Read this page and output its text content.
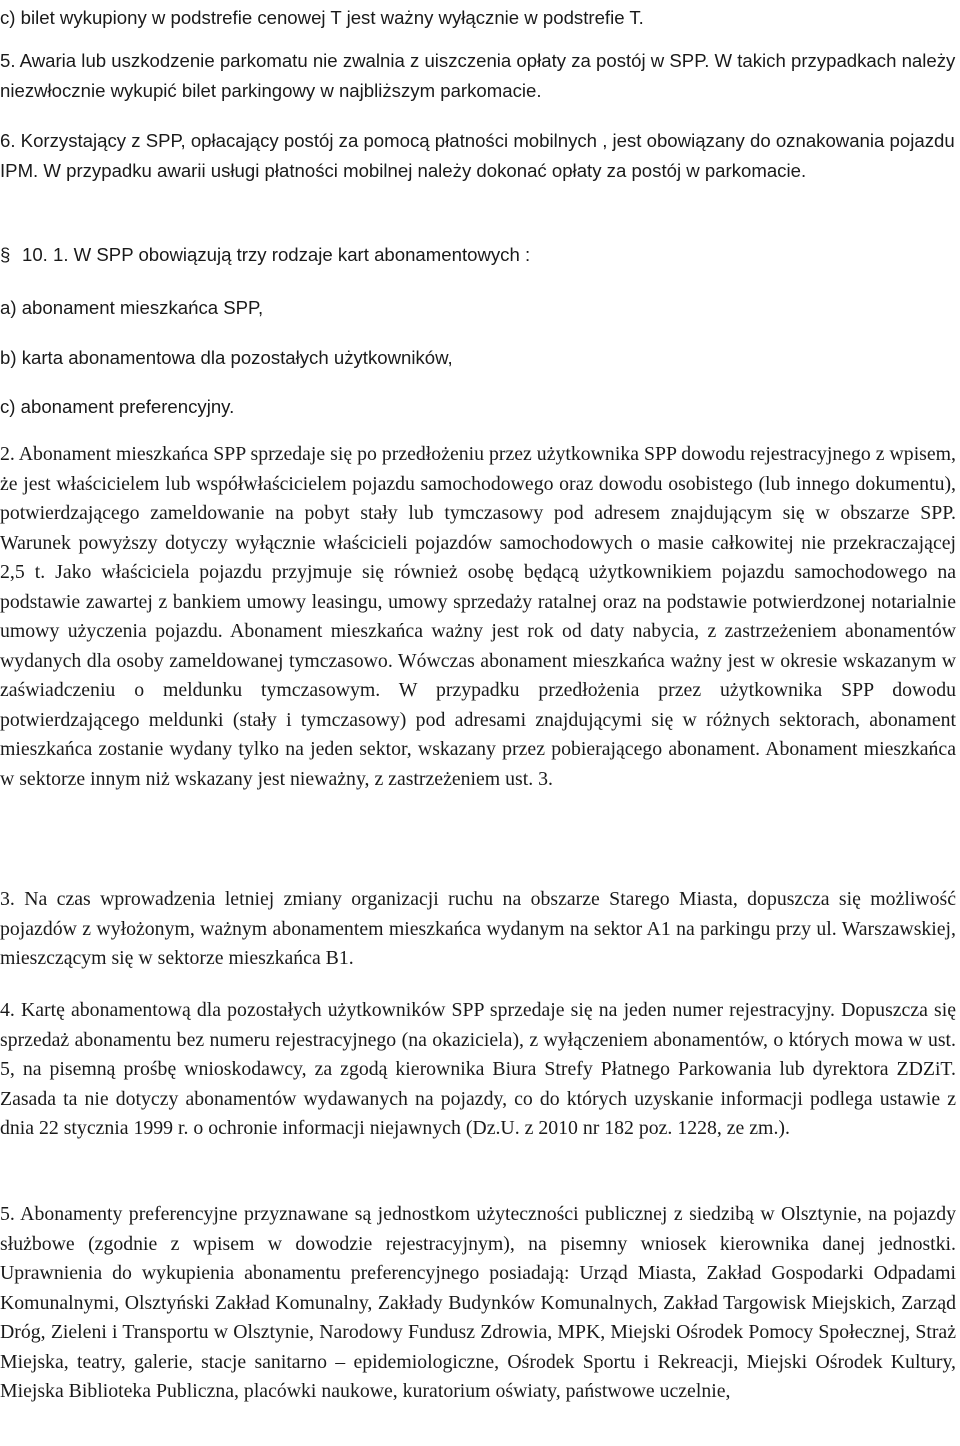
c) bilet wykupiony w podstrefie cenowej T jest ważny wyłącznie w podstrefie T.

5. Awaria lub uszkodzenie parkomatu nie zwalnia z uiszczenia opłaty za postój w SPP. W takich przypadkach należy niezwłocznie wykupić bilet parkingowy w najbliższym parkomacie.

6. Korzystający z SPP, opłacający postój za pomocą płatności mobilnych , jest obowiązany do oznakowania pojazdu IPM. W przypadku awarii usługi płatności mobilnej należy dokonać opłaty za postój w parkomacie.

§ 10. 1. W SPP obowiązują trzy rodzaje kart abonamentowych :

a) abonament mieszkańca SPP,

b) karta abonamentowa dla pozostałych użytkowników,

c) abonament preferencyjny.

2. Abonament mieszkańca SPP sprzedaje się po przedłożeniu przez użytkownika SPP dowodu rejestracyjnego z wpisem, że jest właścicielem lub współwłaścicielem pojazdu samochodowego oraz dowodu osobistego (lub innego dokumentu), potwierdzającego zameldowanie na pobyt stały lub tymczasowy pod adresem znajdującym się w obszarze SPP. Warunek powyższy dotyczy wyłącznie właścicieli pojazdów samochodowych o masie całkowitej nie przekraczającej 2,5 t. Jako właściciela pojazdu przyjmuje się również osobę będącą użytkownikiem pojazdu samochodowego na podstawie zawartej z bankiem umowy leasingu, umowy sprzedaży ratalnej oraz na podstawie potwierdzonej notarialnie umowy użyczenia pojazdu. Abonament mieszkańca ważny jest rok od daty nabycia, z zastrzeżeniem abonamentów wydanych dla osoby zameldowanej tymczasowo. Wówczas abonament mieszkańca ważny jest w okresie wskazanym w zaświadczeniu o meldunku tymczasowym. W przypadku przedłożenia przez użytkownika SPP dowodu potwierdzającego meldunki (stały i tymczasowy) pod adresami znajdującymi się w różnych sektorach, abonament mieszkańca zostanie wydany tylko na jeden sektor, wskazany przez pobierającego abonament. Abonament mieszkańca w sektorze innym niż wskazany jest nieważny, z zastrzeżeniem ust. 3.

3. Na czas wprowadzenia letniej zmiany organizacji ruchu na obszarze Starego Miasta, dopuszcza się możliwość pojazdów z wyłożonym, ważnym abonamentem mieszkańca wydanym na sektor A1 na parkingu przy ul. Warszawskiej, mieszczącym się w sektorze mieszkańca B1.

4. Kartę abonamentową dla pozostałych użytkowników SPP sprzedaje się na jeden numer rejestracyjny. Dopuszcza się sprzedaż abonamentu bez numeru rejestracyjnego (na okaziciela), z wyłączeniem abonamentów, o których mowa w ust. 5, na pisemną prośbę wnioskodawcy, za zgodą kierownika Biura Strefy Płatnego Parkowania lub dyrektora ZDZiT. Zasada ta nie dotyczy abonamentów wydawanych na pojazdy, co do których uzyskanie informacji podlega ustawie z dnia 22 stycznia 1999 r. o ochronie informacji niejawnych (Dz.U. z 2010 nr 182 poz. 1228, ze zm.).

5. Abonamenty preferencyjne przyznawane są jednostkom użyteczności publicznej z siedzibą w Olsztynie, na pojazdy służbowe (zgodnie z wpisem w dowodzie rejestracyjnym), na pisemny wniosek kierownika danej jednostki. Uprawnienia do wykupienia abonamentu preferencyjnego posiadają: Urząd Miasta, Zakład Gospodarki Odpadami Komunalnymi, Olsztyński Zakład Komunalny, Zakłady Budynków Komunalnych, Zakład Targowisk Miejskich, Zarząd Dróg, Zieleni i Transportu w Olsztynie, Narodowy Fundusz Zdrowia, MPK, Miejski Ośrodek Pomocy Społecznej, Straż Miejska, teatry, galerie, stacje sanitarno – epidemiologiczne, Ośrodek Sportu i Rekreacji, Miejski Ośrodek Kultury, Miejska Biblioteka Publiczna, placówki naukowe, kuratorium oświaty, państwowe uczelnie,
